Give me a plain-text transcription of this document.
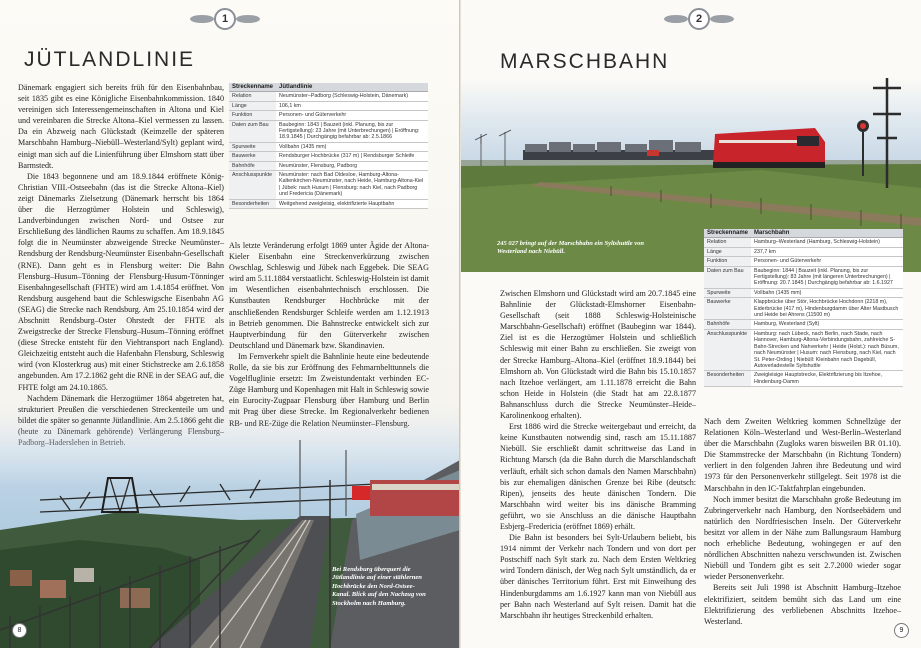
1
JÜTLANDLINIE

Dänemark engagiert sich bereits früh für den Eisenbahnbau, seit 1835 gibt es eine Königliche Eisenbahnkommission. 1840 vereinigen sich Interessengemeinschaften in Altona und Kiel und vereinbaren die Strecke Altona–Kiel vermessen zu lassen. Da ein Abzweig nach Glückstadt (Keimzelle der späteren Marschbahn Hamburg–Niebüll–Westerland/Sylt) geplant wird, einigt man sich auf die Linienführung über Elmshorn statt über Barmstedt.

Die 1843 begonnene und am 18.9.1844 eröffnete König-Christian VIII.-Ostseebahn (das ist die Strecke Altona–Kiel) zeigt Dänemarks Zielsetzung (Dänemark herrscht bis 1864 über die Herzogtümer Holstein und Schleswig), Landverbindungen zwischen Nord- und Ostsee zur Erschließung des ländlichen Raums zu schaffen. Am 18.9.1845 folgt die in Neumünster abzweigende Strecke Neumünster–Rendsburg der Rendsburg-Neumünster Eisenbahn-Gesellschaft (RNE). Dann geht es in Flensburg weiter: Die Bahn Flensburg–Husum–Tönning der Flensburg-Husum-Tönninger Eisenbahngesellschaft (FHTE) wird am 1.4.1854 eröffnet. Von Rendsburg ausgehend baut die Schleswigsche Eisenbahn AG (SEAG) die Strecke nach Rendsburg. Am 25.10.1854 wird der Abschnitt Rendsburg–Oster Ohrstedt der FHTE als Zweigstrecke der Strecke Flensburg–Husum–Tönning eröffnet (diese Strecke entsteht für den Viehtransport nach England). Gleichzeitig entsteht auch die Hafenbahn Flensburg, Schleswig wird (von Klosterkrug aus) mit einer Stichstrecke am 2.6.1858 angebunden. Am 17.2.1862 geht die RNE in der SEAG auf, die FHTE folgt am 24.10.1865.

Nachdem Dänemark die Herzogtümer 1864 abgetreten hat, strukturiert Preußen die verschiedenen Streckenteile um und

Streckenname	Jütlandlinie
Relation	Neumünster–Padborg (Schleswig-Holstein, Dänemark)
Länge	106,1 km
Funktion	Personen- und Güterverkehr
Daten zum Bau	Baubeginn: 1843 | Bauzeit (inkl. Planung, bis zur Fertigstellung): 23 Jahre (mit Unterbrechungen) | Eröffnung: 18.9.1845 | Durchgängig befahrbar ab: 2.5.1866
Spurweite	Vollbahn (1435 mm)
Bauwerke	Rendsburger Hochbrücke (317 m) | Rendsburger Schleife
Bahnhöfe	Neumünster, Flensburg, Padborg
Anschlusspunkte	Neumünster: nach Bad Oldesloe, Hamburg-Altona-Kaltenkirchen-Neumünster, nach Heide, Hamburg-Altona-Kiel | Jübek: nach Husum | Flensburg: nach Kiel, nach Padborg und Fredericia (Dänemark)
Besonderheiten	Weitgehend zweigleisig, elektrifizierte Hauptbahn

Als letzte Veränderung erfolgt 1869 unter Ägide der Altona-Kieler Eisenbahn eine Streckenverkürzung zwischen Owschlag, Schleswig und Jübek nach Eggebek. Die SEAG wird am 5.11.1884 verstaatlicht. Schleswig-Holstein ist damit im Wesentlichen eisenbahntechnisch erschlossen. Die Kunstbauten Rendsburger Hochbrücke mit der anschließenden Rendsburger Schleife werden am 1.12.1913 in Betrieb genommen. Die Bahnstrecke entwickelt sich zur Hauptverbindung für den Güterverkehr zwischen Deutschland und Dänemark bzw. Skandinavien.

Im Fernverkehr spielt die Bahnlinie heute eine bedeutende Rolle, da sie bis zur Eröffnung des Fehmarnbelttunnels die Vogelfluglinie ersetzt: Im Zweistundentakt verbinden EC-Züge Hamburg und Kopenhagen mit Halt in Schleswig sowie ein Eurocity-Zugpaar Flensburg über Hamburg und Berlin mit Prag über diese Strecke. Im Regionalverkehr bedienen

Bei Rendsburg überquert die Jütlandlinie auf einer stählernen Hochbrücke den Nord-Ostsee-Kanal. Blick auf den Nachzug von Stockholm nach Hamburg.
8
2
MARSCHBAHN
245 027 bringt auf der Marschbahn ein Syltshuttle von Westerland nach Niebüll.
Streckenname	Marschbahn
Relation	Hamburg–Westerland (Hamburg, Schleswig-Holstein)
Länge	237,7 km
Funktion	Personen- und Güterverkehr
Daten zum Bau	Baubeginn: 1844 | Bauzeit (inkl. Planung, bis zur Fertigstellung): 83 Jahre (mit längeren Unterbrechungen) | Eröffnung: 20.7.1845 | Durchgängig befahrbar ab: 1.6.1927
Spurweite	Vollbahn (1435 mm)
Bauwerke	Klappbrücke über Stör, Hochbrücke Hochdonn (2218 m), Eiderbrücke (417 m), Hindenburgdamm über Alter Mastbusch und Heide bei Ahrens (11500 m)
Bahnhöfe	Hamburg, Westerland (Sylt)
Anschlusspunkte	Hamburg: nach Lübeck, nach Berlin, nach Stade, nach Hannover, Hamburg-Altona-Verbindungsbahn, zahlreiche S-Bahn-Strecken und Nahverkehr | Heide (Holst.): nach Büsum, nach Neumünster | Husum: nach Flensburg, nach Kiel, nach St. Peter-Ording | Niebüll: Kleinbahn nach Dagebüll, Autoverladestelle Syltshuttle
Besonderheiten	Zweigleisige Hauptstrecke, Elektrifizierung bis Itzehoe, Hindenburg-Damm

Zwischen Elmshorn und Glückstadt wird am 20.7.1845 eine Bahnlinie der Glückstadt-Elmshorner Eisenbahn-Gesellschaft (seit 1888 Schleswig-Holsteinische Marschbahn-Gesellschaft) eröffnet (Baubeginn war 1844). Ziel ist es die Herzogtümer Holstein und schließlich Schleswig mit einer Bahn zu erschließen. Sie zweigt von der Strecke Hamburg–Altona–Kiel (eröffnet 18.9.1844) bei Elmshorn ab. Von Glückstadt wird die Bahn bis 15.10.1857 nach Itzehoe verlängert, am 1.11.1878 erreicht die Bahn schon Heide in Holstein (die Stadt hat am 22.8.1877 Bahnanschluss durch die Strecke Neumünster–Heide–Karolinenkoog erhalten).

Erst 1886 wird die Strecke weitergebaut und erreicht, da keine Kunstbauten notwendig sind, rasch am 15.11.1887 Niebüll. Sie erschließt damit schrittweise das Land in Richtung Marsch (da die Bahn durch die Marschlandschaft verläuft, erhält sich schon damals den Namen Marschbahn) bis zur ehemaligen dänischen Grenze bei Ribe (deutsch: Ripen), jenseits des heute dänischen Tondern. Die Marschbahn wird weiter bis ins dänische Bramming geführt, wo sie Anschluss an die dänische Hauptbahn Esbjerg–Fredericia (eröffnet 1869) erhält.

Die Bahn ist besonders bei Sylt-Urlaubern beliebt, bis 1914 nimmt der Verkehr nach Tondern und von dort per Postschiff nach Sylt stark zu. Nach dem Ersten Weltkrieg wird Tondern dänisch, der Weg nach Sylt umständlich, da er über dänisches Territorium führt. Erst mit Einweihung des Hindenburgdamms am 1.6.1927 kann man von Niebüll aus per Bahn nach Westerland auf Sylt reisen. Damit hat die Marschbahn ihr heutiges Streckenbild erhalten.

Nach dem Zweiten Weltkrieg kommen Schnellzüge der Relationen Köln–Westerland und West-Berlin–Westerland über die Marschbahn (Zugloks waren bisweilen BR 01.10). Die Stammstrecke der Marschbahn (in Richtung Tondern) verliert in den folgenden Jahren ihre Bedeutung und wird 1973 für den Personenverkehr stillgelegt. Seit 1978 ist die Marschbahn in den IC-Taktfahrplan eingebunden.

Noch immer besitzt die Marschbahn große Bedeutung im Zubringerverkehr nach Hamburg, den Nordseebädern und natürlich den Nordfriesischen Inseln. Der Güterverkehr besitzt vor allem in der Nähe zum Ballungsraum Hamburg noch erhebliche Bedeutung, wohingegen er auf den nördlichen Abschnitten nahezu verschwunden ist. Zwischen Niebüll und Tondern gibt es seit 2.7.2000 wieder sogar wieder Personenverkehr.

Bereits seit Juli 1998 ist Abschnitt Hamburg–Itzehoe elektrifiziert, seitdem bemüht sich das Land um eine Elektrifizierung des verbliebenen Abschnitts Itzehoe–Westerland.

9
